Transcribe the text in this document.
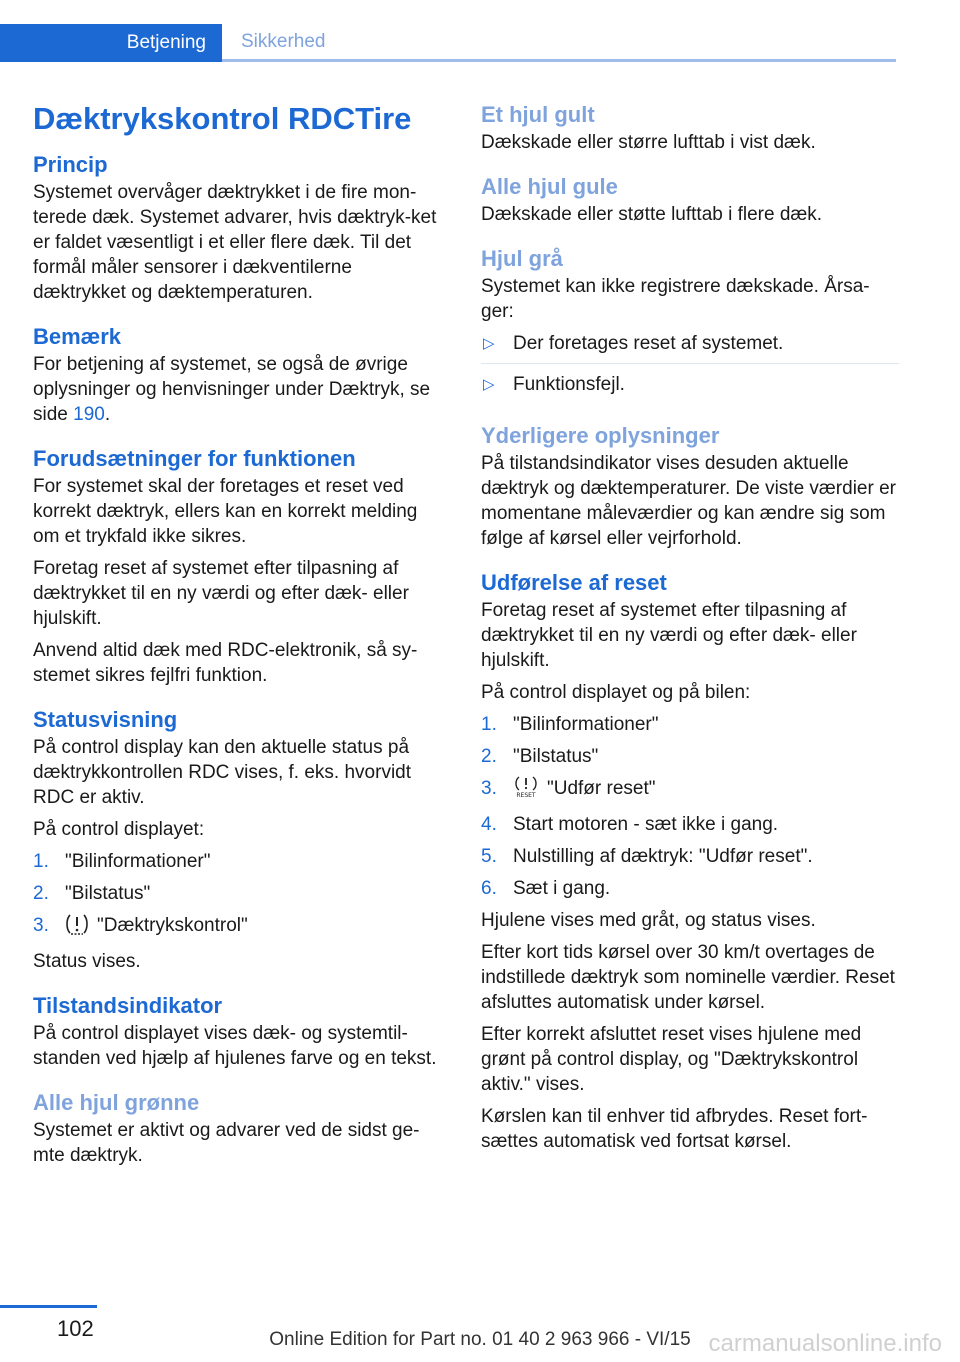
Betjening	Sikkerhed
Dæktrykskontrol RDCTire
Princip

Systemet overvåger dæktrykket i de fire mon-terede dæk. Systemet advarer, hvis dæktryk-ket er faldet væsentligt i et eller flere dæk. Til det formål måler sensorer i dækventilerne dæktrykket og dæktemperaturen.

Bemærk

For betjening af systemet, se også de øvrige oplysninger og henvisninger under Dæktryk, se side 190.

Forudsætninger for funktionen

For systemet skal der foretages et reset ved korrekt dæktryk, ellers kan en korrekt melding om et trykfald ikke sikres.

Foretag reset af systemet efter tilpasning af dæktrykket til en ny værdi og efter dæk- eller hjulskift.

Anvend altid dæk med RDC-elektronik, så sy-stemet sikres fejlfri funktion.

Statusvisning

På control display kan den aktuelle status på dæktrykkontrollen RDC vises, f. eks. hvorvidt RDC er aktiv.

På control displayet:

1. "Bilinformationer"
2. "Bilstatus"
3.	"Dæktrykskontrol"

Status vises.

Tilstandsindikator

På control displayet vises dæk- og systemtil-standen ved hjælp af hjulenes farve og en tekst.

Alle hjul grønne

Systemet er aktivt og advarer ved de sidst ge-mte dæktryk.

Et hjul gult

Dækskade eller større lufttab i vist dæk.

Alle hjul gule

Dækskade eller støtte lufttab i flere dæk.

Hjul grå

Systemet kan ikke registrere dækskade. Årsa-ger:

▷ Der foretages reset af systemet.
▷ Funktionsfejl.
Yderligere oplysninger

På tilstandsindikator vises desuden aktuelle dæktryk og dæktemperaturer. De viste værdier er momentane måleværdier og kan ændre sig som følge af kørsel eller vejrforhold.

Udførelse af reset

Foretag reset af systemet efter tilpasning af dæktrykket til en ny værdi og efter dæk- eller hjulskift.

På control displayet og på bilen:

1. "Bilinformationer"
2. "Bilstatus"
3.	RESET "Udfør reset"
4. Start motoren - sæt ikke i gang.
5. Nulstilling af dæktryk: "Udfør reset".
6. Sæt i gang.

Hjulene vises med gråt, og status vises.

Efter kort tids kørsel over 30 km/t overtages de indstillede dæktryk som nominelle værdier. Reset afsluttes automatisk under kørsel.

Efter korrekt afsluttet reset vises hjulene med grønt på control display, og "Dæktrykskontrol aktiv." vises.

Kørslen kan til enhver tid afbrydes. Reset fort-sættes automatisk ved fortsat kørsel.

102	Online Edition for Part no. 01 40 2 963 966 - VI/15 carmanualsonline.info
